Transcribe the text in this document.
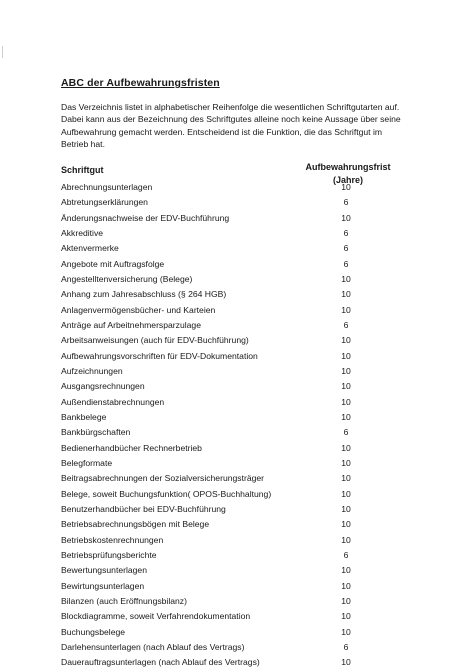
ABC der Aufbewahrungsfristen
Das Verzeichnis listet in alphabetischer Reihenfolge die wesentlichen Schriftgutarten auf. Dabei kann aus der Bezeichnung des Schriftgutes alleine noch keine Aussage über seine Aufbewahrung gemacht werden. Entscheidend ist die Funktion, die das Schriftgut im Betrieb hat.
Schriftgut	Aufbewahrungsfrist
(Jahre)
Abrechnungsunterlagen	10
Abtretungserklärungen	6
Änderungsnachweise der EDV-Buchführung	10
Akkreditive	6
Aktenvermerke	6
Angebote mit Auftragsfolge	6
Angestelltenversicherung (Belege)	10
Anhang zum Jahresabschluss (§ 264 HGB)	10
Anlagenvermögensbücher- und Karteien	10
Anträge auf Arbeitnehmersparzulage	6
Arbeitsanweisungen (auch für EDV-Buchführung)	10
Aufbewahrungsvorschriften für EDV-Dokumentation	10
Aufzeichnungen	10
Ausgangsrechnungen	10
Außendienstabrechnungen	10
Bankbelege	10
Bankbürgschaften	6
Bedienerhandbücher Rechnerbetrieb	10
Belegformate	10
Beitragsabrechnungen der Sozialversicherungsträger	10
Belege, soweit Buchungsfunktion( OPOS-Buchhaltung)	10
Benutzerhandbücher bei EDV-Buchführung	10
Betriebsabrechnungsbögen mit Belege	10
Betriebskostenrechnungen	10
Betriebsprüfungsberichte	6
Bewertungsunterlagen	10
Bewirtungsunterlagen	10
Bilanzen (auch Eröffnungsbilanz)	10
Blockdiagramme, soweit Verfahrendokumentation	10
Buchungsbelege	10
Darlehensunterlagen (nach Ablauf des Vertrags)	6
Dauerauftragsunterlagen (nach Ablauf des Vertrags)	10
